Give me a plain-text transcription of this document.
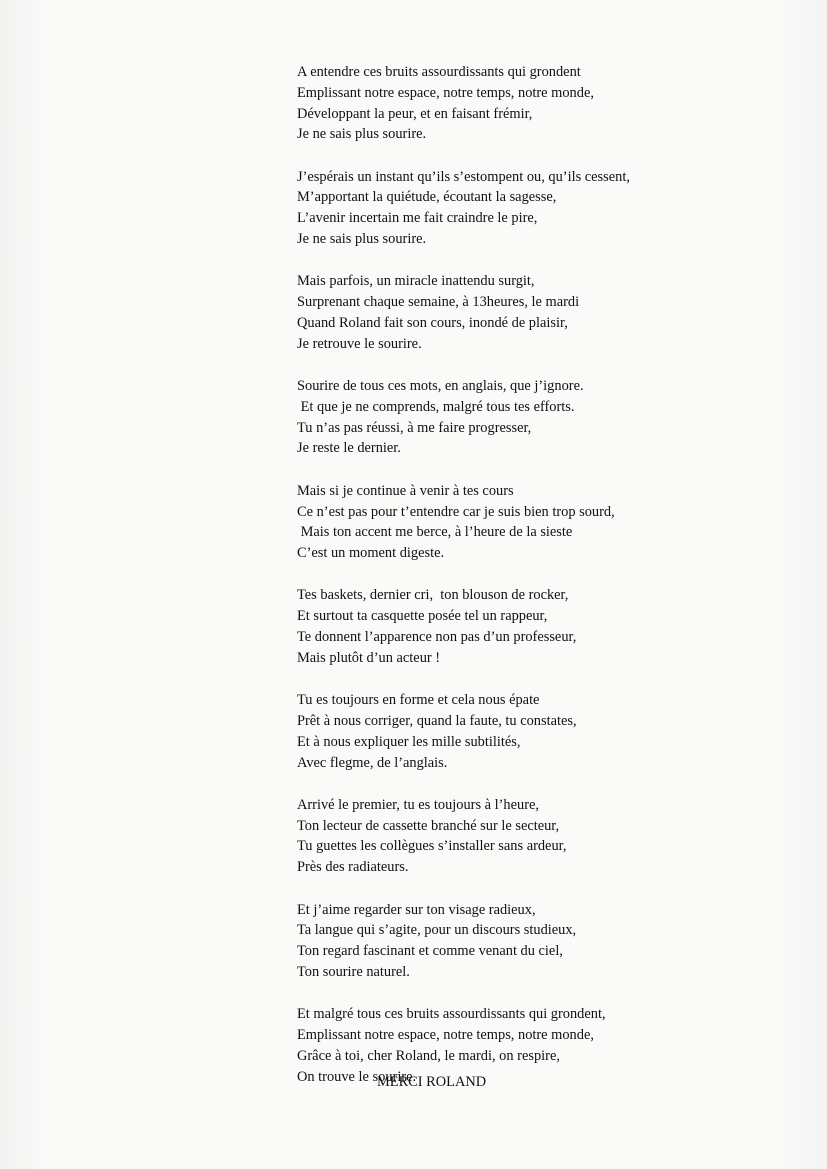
A entendre ces bruits assourdissants qui grondent
Emplissant notre espace, notre temps, notre monde,
Développant la peur, et en faisant frémir,
Je ne sais plus sourire.
J’espérais un instant qu’ils s’estompent ou, qu’ils cessent,
M’apportant la quiétude, écoutant la sagesse,
L’avenir incertain me fait craindre le pire,
Je ne sais plus sourire.
Mais parfois, un miracle inattendu surgit,
Surprenant chaque semaine, à 13heures, le mardi
Quand Roland fait son cours, inondé de plaisir,
Je retrouve le sourire.
Sourire de tous ces mots, en anglais, que j’ignore.
Et que je ne comprends, malgré tous tes efforts.
Tu n’as pas réussi, à me faire progresser,
Je reste le dernier.
Mais si je continue à venir à tes cours
Ce n’est pas pour t’entendre car je suis bien trop sourd,
Mais ton accent me berce, à l’heure de la sieste
C’est un moment digeste.
Tes baskets, dernier cri,  ton blouson de rocker,
Et surtout ta casquette posée tel un rappeur,
Te donnent l’apparence non pas d’un professeur,
Mais plutôt d’un acteur !
Tu es toujours en forme et cela nous épate
Prêt à nous corriger, quand la faute, tu constates,
Et à nous expliquer les mille subtilités,
Avec flegme, de l’anglais.
Arrivé le premier, tu es toujours à l’heure,
Ton lecteur de cassette branché sur le secteur,
Tu guettes les collègues s’installer sans ardeur,
Près des radiateurs.
Et j’aime regarder sur ton visage radieux,
Ta langue qui s’agite, pour un discours studieux,
Ton regard fascinant et comme venant du ciel,
Ton sourire naturel.
Et malgré tous ces bruits assourdissants qui grondent,
Emplissant notre espace, notre temps, notre monde,
Grâce à toi, cher Roland, le mardi, on respire,
On trouve le sourire.
MERCI ROLAND
